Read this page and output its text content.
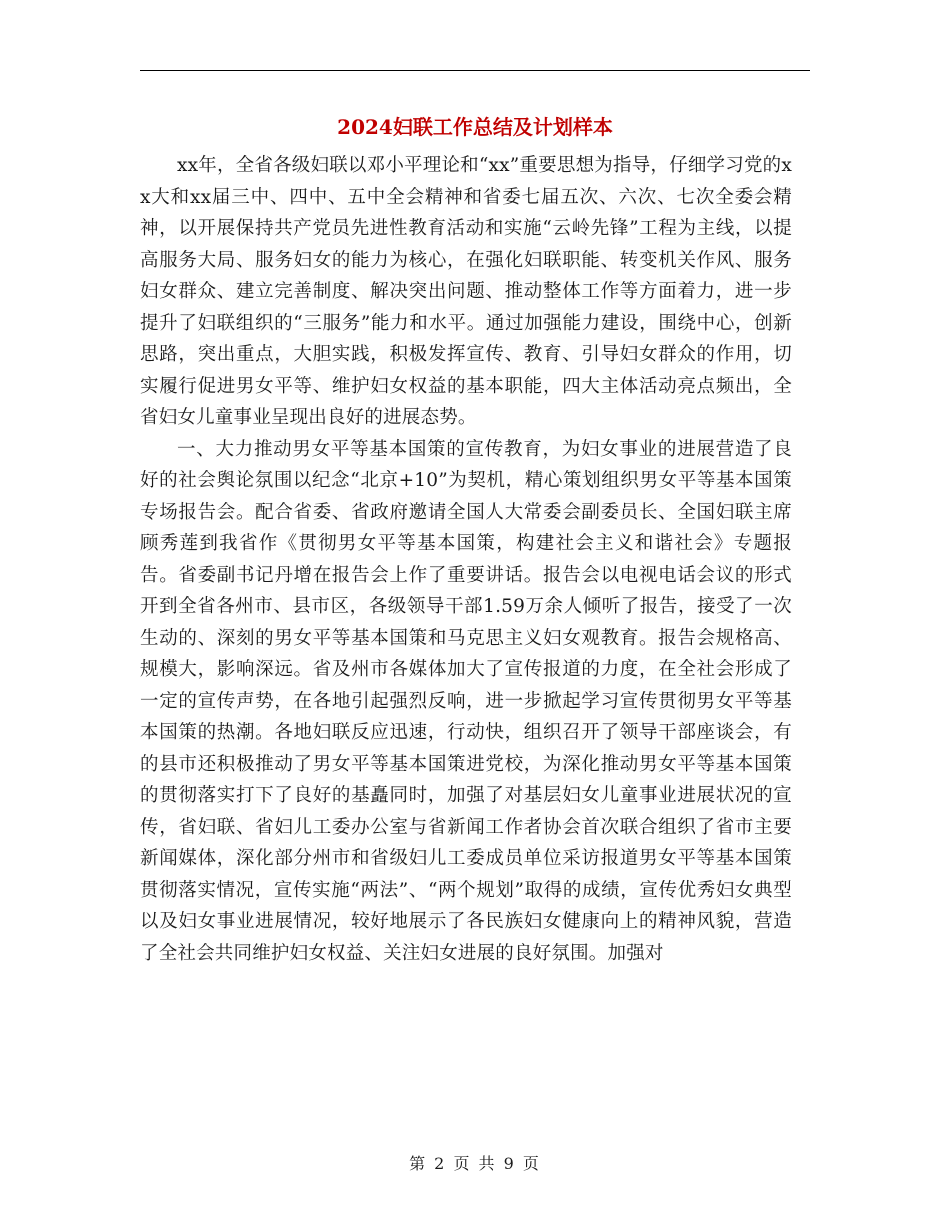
2024妇联工作总结及计划样本

xx年，全省各级妇联以邓小平理论和“xx”重要思想为指导，仔细学习党的xx大和xx届三中、四中、五中全会精神和省委七届五次、六次、七次全委会精神，以开展保持共产党员先进性教育活动和实施“云岭先锋”工程为主线，以提高服务大局、服务妇女的能力为核心，在强化妇联职能、转变机关作风、服务妇女群众、建立完善制度、解决突出问题、推动整体工作等方面着力，进一步提升了妇联组织的“三服务”能力和水平。通过加强能力建设，围绕中心，创新思路，突出重点，大胆实践，积极发挥宣传、教育、引导妇女群众的作用，切实履行促进男女平等、维护妇女权益的基本职能，四大主体活动亮点频出，全省妇女儿童事业呈现出良好的进展态势。

一、大力推动男女平等基本国策的宣传教育，为妇女事业的进展营造了良好的社会舆论氛围以纪念“北京+10”为契机，精心策划组织男女平等基本国策专场报告会。配合省委、省政府邀请全国人大常委会副委员长、全国妇联主席顾秀莲到我省作《贯彻男女平等基本国策，构建社会主义和谐社会》专题报告。省委副书记丹增在报告会上作了重要讲话。报告会以电视电话会议的形式开到全省各州市、县市区，各级领导干部1.59万余人倾听了报告，接受了一次生动的、深刻的男女平等基本国策和马克思主义妇女观教育。报告会规格高、规模大，影响深远。省及州市各媒体加大了宣传报道的力度，在全社会形成了一定的宣传声势，在各地引起强烈反响，进一步掀起学习宣传贯彻男女平等基本国策的热潮。各地妇联反应迅速，行动快，组织召开了领导干部座谈会，有的县市还积极推动了男女平等基本国策进党校，为深化推动男女平等基本国策的贯彻落实打下了良好的基矗同时，加强了对基层妇女儿童事业进展状况的宣传，省妇联、省妇儿工委办公室与省新闻工作者协会首次联合组织了省市主要新闻媒体，深化部分州市和省级妇儿工委成员单位采访报道男女平等基本国策贯彻落实情况，宣传实施“两法”、“两个规划”取得的成绩，宣传优秀妇女典型以及妇女事业进展情况，较好地展示了各民族妇女健康向上的精神风貌，营造了全社会共同维护妇女权益、关注妇女进展的良好氛围。加强对

第 2 页 共 9 页
